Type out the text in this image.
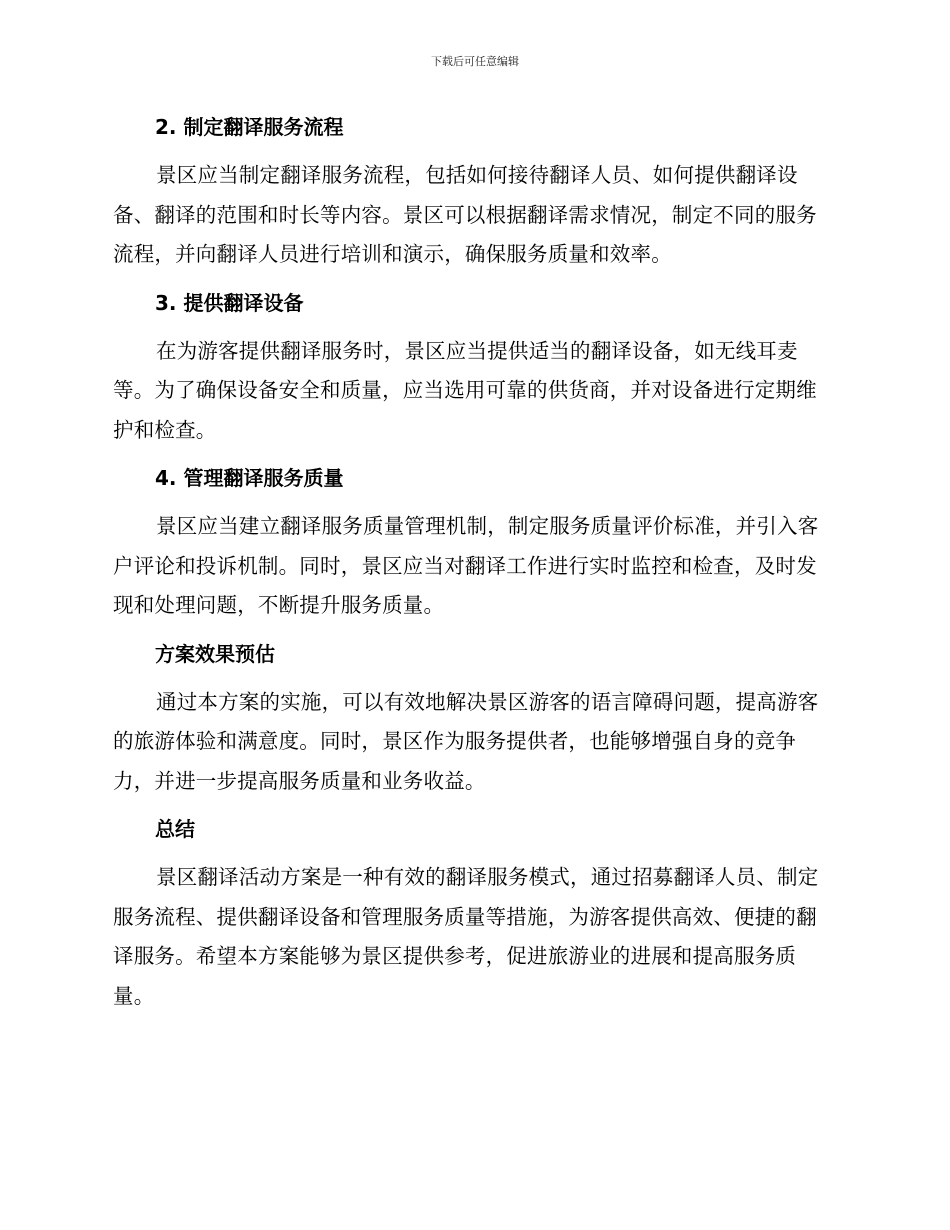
下载后可任意编辑
2. 制定翻译服务流程
景区应当制定翻译服务流程，包括如何接待翻译人员、如何提供翻译设备、翻译的范围和时长等内容。景区可以根据翻译需求情况，制定不同的服务流程，并向翻译人员进行培训和演示，确保服务质量和效率。
3. 提供翻译设备
在为游客提供翻译服务时，景区应当提供适当的翻译设备，如无线耳麦等。为了确保设备安全和质量，应当选用可靠的供货商，并对设备进行定期维护和检查。
4. 管理翻译服务质量
景区应当建立翻译服务质量管理机制，制定服务质量评价标准，并引入客户评论和投诉机制。同时，景区应当对翻译工作进行实时监控和检查，及时发现和处理问题，不断提升服务质量。
方案效果预估
通过本方案的实施，可以有效地解决景区游客的语言障碍问题，提高游客的旅游体验和满意度。同时，景区作为服务提供者，也能够增强自身的竞争力，并进一步提高服务质量和业务收益。
总结
景区翻译活动方案是一种有效的翻译服务模式，通过招募翻译人员、制定服务流程、提供翻译设备和管理服务质量等措施，为游客提供高效、便捷的翻译服务。希望本方案能够为景区提供参考，促进旅游业的进展和提高服务质量。
